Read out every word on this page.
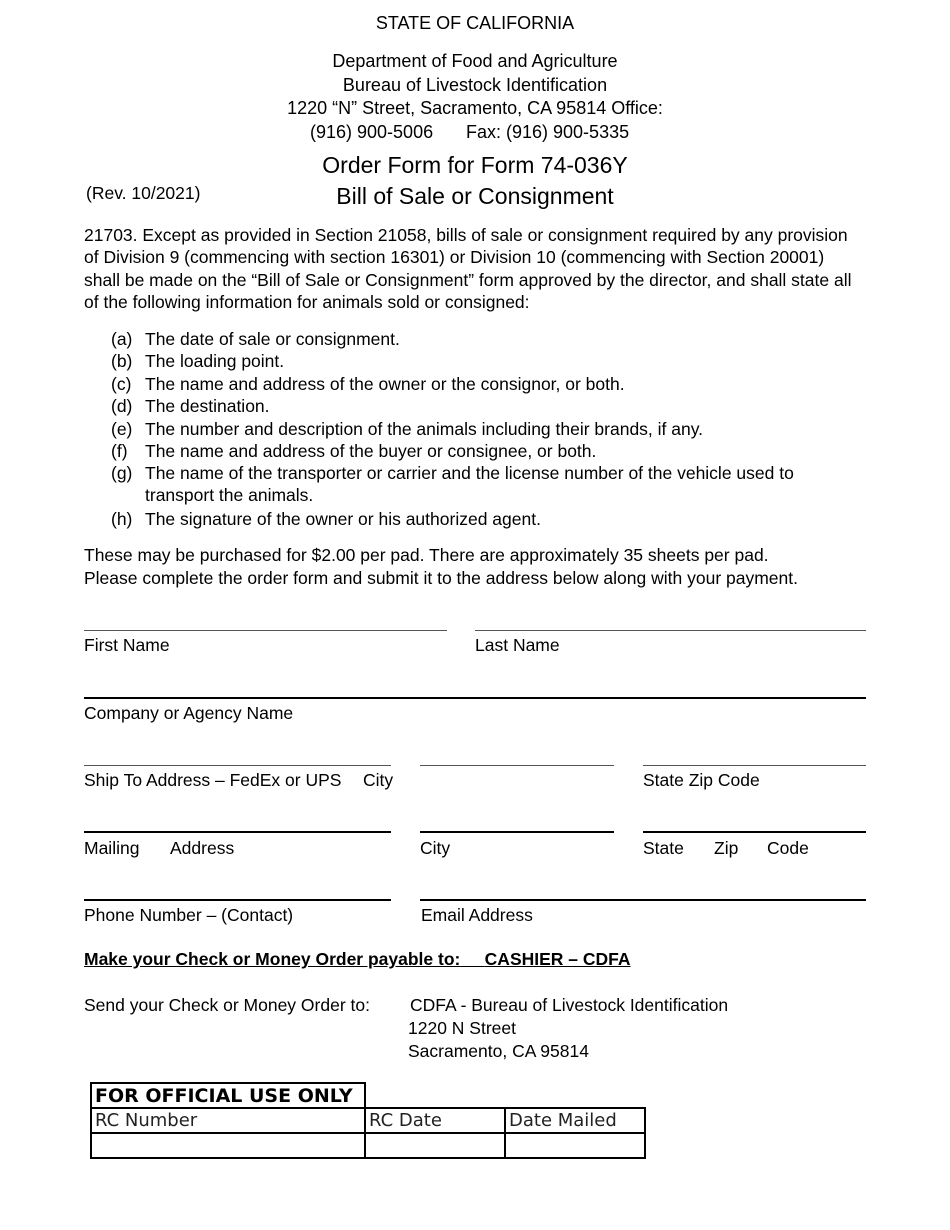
STATE OF CALIFORNIA
Department of Food and Agriculture
Bureau of Livestock Identification
1220 “N” Street, Sacramento, CA 95814 Office:
(916) 900-5006 Fax: (916) 900-5335
Order Form for Form 74-036Y
(Rev. 10/2021)	Bill of Sale or Consignment
21703. Except as provided in Section 21058, bills of sale or consignment required by any provision of Division 9 (commencing with section 16301) or Division 10 (commencing with Section 20001) shall be made on the “Bill of Sale or Consignment” form approved by the director, and shall state all of the following information for animals sold or consigned:
(a) The date of sale or consignment.
(b) The loading point.
(c) The name and address of the owner or the consignor, or both.
(d) The destination.
(e) The number and description of the animals including their brands, if any.
(f) The name and address of the buyer or consignee, or both.
(g) The name of the transporter or carrier and the license number of the vehicle used to transport the animals.
(h) The signature of the owner or his authorized agent.
These may be purchased for $2.00 per pad. There are approximately 35 sheets per pad.
Please complete the order form and submit it to the address below along with your payment.
First Name	Last Name
Company or Agency Name
Ship To Address – FedEx or UPS City	State Zip Code
Mailing Address	City	State Zip Code
Phone Number – (Contact)	Email Address
Make your Check or Money Order payable to: CASHIER – CDFA
Send your Check or Money Order to: CDFA - Bureau of Livestock Identification
1220 N Street
Sacramento, CA 95814
FOR OFFICIAL USE ONLY		
RC Number	RC Date	Date Mailed
